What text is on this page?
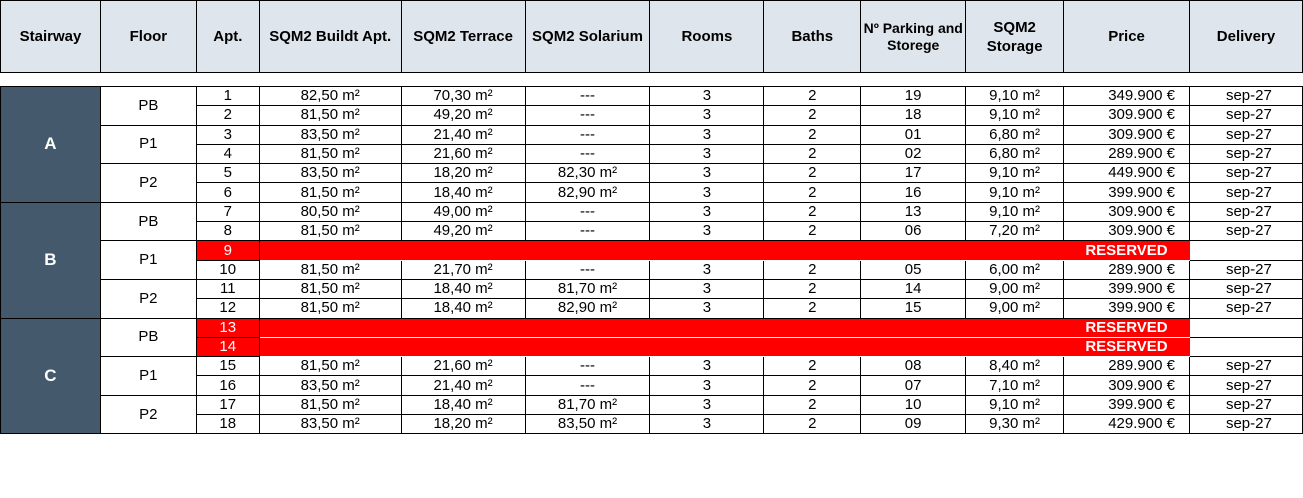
Stairway	Floor	Apt.	SQM2 Buildt Apt.	SQM2 Terrace	SQM2 Solarium	Rooms	Baths	Nº Parking and Storege	SQM2 Storage	Price	Delivery
A	PB	1	82,50 m²	70,30 m²	---	3	2	19	9,10 m²	349.900 €	sep-27
		2	81,50 m²	49,20 m²	---	3	2	18	9,10 m²	309.900 €	sep-27
	P1	3	83,50 m²	21,40 m²	---	3	2	01	6,80 m²	309.900 €	sep-27
		4	81,50 m²	21,60 m²	---	3	2	02	6,80 m²	289.900 €	sep-27
	P2	5	83,50 m²	18,20 m²	82,30 m²	3	2	17	9,10 m²	449.900 €	sep-27
		6	81,50 m²	18,40 m²	82,90 m²	3	2	16	9,10 m²	399.900 €	sep-27
B	PB	7	80,50 m²	49,00 m²	---	3	2	13	9,10 m²	309.900 €	sep-27
		8	81,50 m²	49,20 m²	---	3	2	06	7,20 m²	309.900 €	sep-27
	P1	9								RESERVED	
		10	81,50 m²	21,70 m²	---	3	2	05	6,00 m²	289.900 €	sep-27
	P2	11	81,50 m²	18,40 m²	81,70 m²	3	2	14	9,00 m²	399.900 €	sep-27
		12	81,50 m²	18,40 m²	82,90 m²	3	2	15	9,00 m²	399.900 €	sep-27
C	PB	13								RESERVED	
		14								RESERVED	
	P1	15	81,50 m²	21,60 m²	---	3	2	08	8,40 m²	289.900 €	sep-27
		16	83,50 m²	21,40 m²	---	3	2	07	7,10 m²	309.900 €	sep-27
	P2	17	81,50 m²	18,40 m²	81,70 m²	3	2	10	9,10 m²	399.900 €	sep-27
		18	83,50 m²	18,20 m²	83,50 m²	3	2	09	9,30 m²	429.900 €	sep-27
